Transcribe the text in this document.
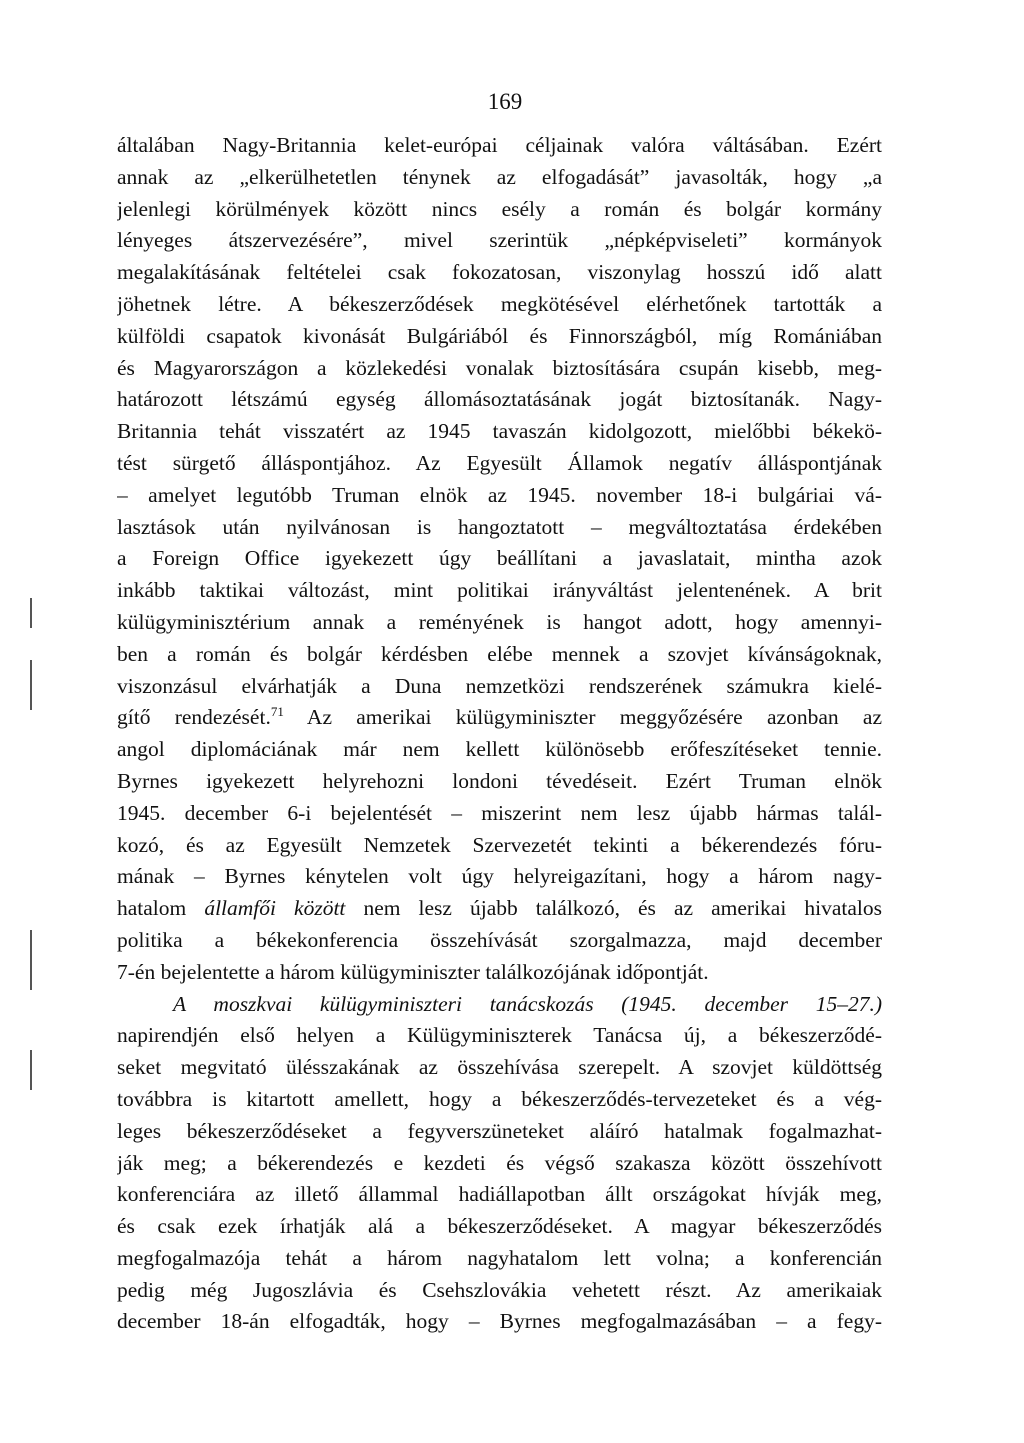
169
általában Nagy-Britannia kelet-európai céljainak valóra váltásában. Ezért
annak az „elkerülhetetlen ténynek az elfogadását” javasolták, hogy „a
jelenlegi körülmények között nincs esély a román és bolgár kormány
lényeges átszervezésére”, mivel szerintük „népképviseleti” kormányok
megalakításának feltételei csak fokozatosan, viszonylag hosszú idő alatt
jöhetnek létre. A békeszerződések megkötésével elérhetőnek tartották a
külföldi csapatok kivonását Bulgáriából és Finnországból, míg Romániában
és Magyarországon a közlekedési vonalak biztosítására csupán kisebb, meg-
határozott létszámú egység állomásoztatásának jogát biztosítanák. Nagy-
Britannia tehát visszatért az 1945 tavaszán kidolgozott, mielőbbi békekö-
tést sürgető álláspontjához. Az Egyesült Államok negatív álláspontjának
– amelyet legutóbb Truman elnök az 1945. november 18-i bulgáriai vá-
lasztások után nyilvánosan is hangoztatott – megváltoztatása érdekében
a Foreign Office igyekezett úgy beállítani a javaslatait, mintha azok
inkább taktikai változást, mint politikai irányváltást jelentenének. A brit
külügyminisztérium annak a reményének is hangot adott, hogy amennyi-
ben a román és bolgár kérdésben elébe mennek a szovjet kívánságoknak,
viszonzásul elvárhatják a Duna nemzetközi rendszerének számukra kielé-
gítő rendezését.$^{71}$ Az amerikai külügyminiszter meggyőzésére azonban az
angol diplomáciának már nem kellett különösebb erőfeszítéseket tennie.
Byrnes igyekezett helyrehozni londoni tévedéseit. Ezért Truman elnök
1945. december 6-i bejelentését – miszerint nem lesz újabb hármas talál-
kozó, és az Egyesült Nemzetek Szervezetét tekinti a békerendezés fóru-
mának – Byrnes kénytelen volt úgy helyreigazítani, hogy a három nagy-
hatalom államfői között nem lesz újabb találkozó, és az amerikai hivatalos
politika a békekonferencia összehívását szorgalmazza, majd december
7-én bejelentette a három külügyminiszter találkozójának időpontját.
A moszkvai külügyminiszteri tanácskozás (1945. december 15–27.)
napirendjén első helyen a Külügyminiszterek Tanácsa új, a békeszerződé-
seket megvitató ülésszakának az összehívása szerepelt. A szovjet küldöttség
továbbra is kitartott amellett, hogy a békeszerződés-tervezeteket és a vég-
leges békeszerződéseket a fegyverszüneteket aláíró hatalmak fogalmazhat-
ják meg; a békerendezés e kezdeti és végső szakasza között összehívott
konferenciára az illető állammal hadiállapotban állt országokat hívják meg,
és csak ezek írhatják alá a békeszerződéseket. A magyar békeszerződés
megfogalmazója tehát a három nagyhatalom lett volna; a konferencián
pedig még Jugoszlávia és Csehszlovákia vehetett részt. Az amerikaiak
december 18-án elfogadták, hogy – Byrnes megfogalmazásában – a fegy-
